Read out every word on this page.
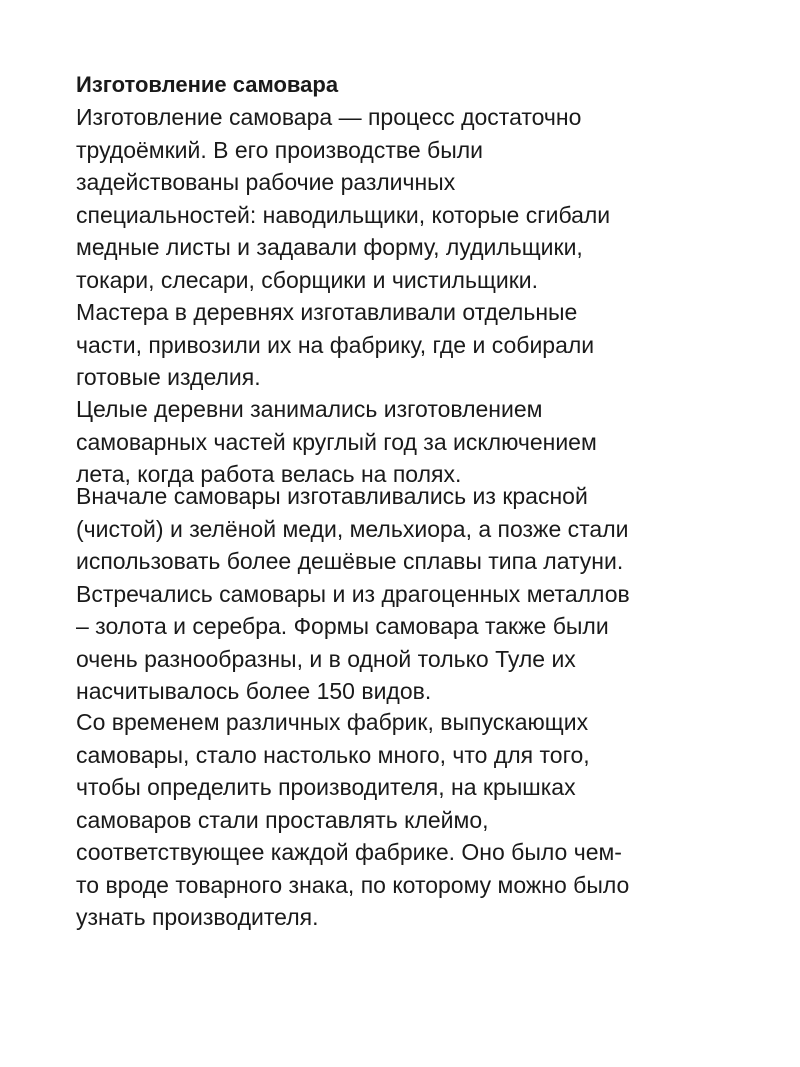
Изготовление самовара
Изготовление самовара — процесс достаточно
трудоёмкий. В его производстве были
задействованы рабочие различных
специальностей: наводильщики, которые сгибали
медные листы и задавали форму, лудильщики,
токари, слесари, сборщики и чистильщики.
Мастера в деревнях изготавливали отдельные
части, привозили их на фабрику, где и собирали
готовые изделия.
Целые деревни занимались изготовлением
самоварных частей круглый год за исключением
лета, когда работа велась на полях.
Вначале самовары изготавливались из красной
(чистой) и зелёной меди, мельхиора, а позже стали
использовать более дешёвые сплавы типа латуни.
Встречались самовары и из драгоценных металлов
– золота и серебра. Формы самовара также были
очень разнообразны, и в одной только Туле их
насчитывалось более 150 видов.
Со временем различных фабрик, выпускающих
самовары, стало настолько много, что для того,
чтобы определить производителя, на крышках
самоваров стали проставлять клеймо,
соответствующее каждой фабрике. Оно было чем-
то вроде товарного знака, по которому можно было
узнать производителя.
